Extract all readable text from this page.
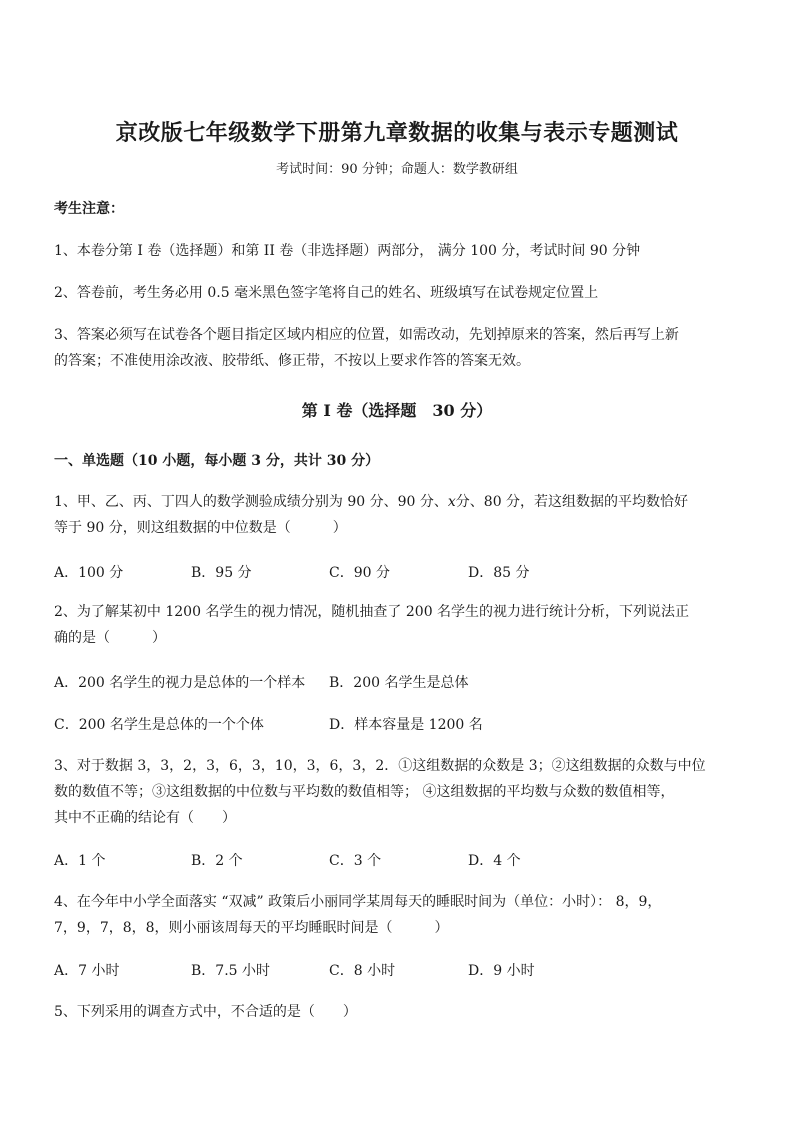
京改版七年级数学下册第九章数据的收集与表示专题测试
考试时间：90 分钟；命题人：数学教研组
考生注意：
1、本卷分第 I 卷（选择题）和第 II 卷（非选择题）两部分， 满分 100 分，考试时间 90 分钟
2、答卷前，考生务必用 0.5 毫米黑色签字笔将自己的姓名、班级填写在试卷规定位置上
3、答案必须写在试卷各个题目指定区域内相应的位置，如需改动，先划掉原来的答案，然后再写上新
的答案；不准使用涂改液、胶带纸、修正带，不按以上要求作答的答案无效。
第 I 卷（选择题　30 分）
一、单选题（10 小题，每小题 3 分，共计 30 分）
1、甲、乙、丙、丁四人的数学测验成绩分别为 90 分、90 分、x分、80 分，若这组数据的平均数恰好
等于 90 分，则这组数据的中位数是（　　　）
A．100 分	B．95 分	C．90 分	D．85 分
2、为了解某初中 1200 名学生的视力情况，随机抽查了 200 名学生的视力进行统计分析，下列说法正
确的是（　　　）
A．200 名学生的视力是总体的一个样本 B．200 名学生是总体
C．200 名学生是总体的一个个体	D．样本容量是 1200 名
3、对于数据 3，3，2，3，6，3，10，3，6，3，2．①这组数据的众数是 3；②这组数据的众数与中位
数的数值不等；③这组数据的中位数与平均数的数值相等； ④这组数据的平均数与众数的数值相等，
其中不正确的结论有（　　）
A．1 个	B．2 个	C．3 个	D．4 个
4、在今年中小学全面落实 “双减” 政策后小丽同学某周每天的睡眠时间为（单位：小时）： 8，9，
7，9，7，8，8，则小丽该周每天的平均睡眠时间是（　　　）
A．7 小时	B．7.5 小时	C．8 小时	D．9 小时
5、下列采用的调查方式中，不合适的是（　　）
